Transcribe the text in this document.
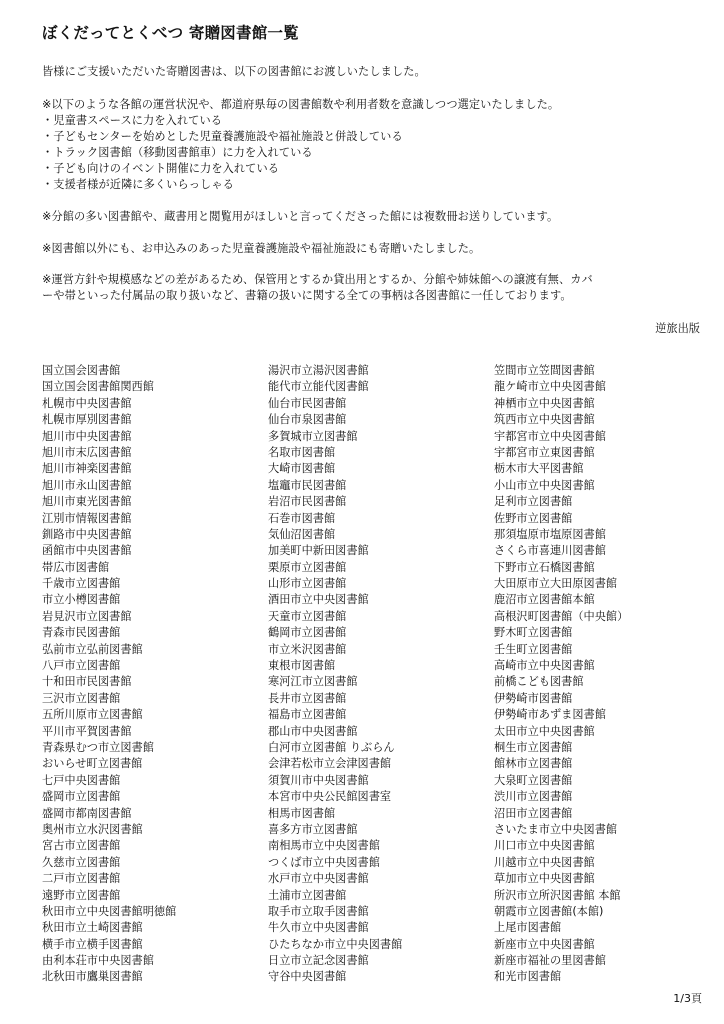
ぼくだってとくべつ 寄贈図書館一覧
皆様にご支援いただいた寄贈図書は、以下の図書館にお渡しいたしました。
※以下のような各館の運営状況や、都道府県毎の図書館数や利用者数を意識しつつ選定いたしました。
・児童書スペースに力を入れている
・子どもセンターを始めとした児童養護施設や福祉施設と併設している
・トラック図書館（移動図書館車）に力を入れている
・子ども向けのイベント開催に力を入れている
・支援者様が近隣に多くいらっしゃる
※分館の多い図書館や、蔵書用と閲覧用がほしいと言ってくださった館には複数冊お送りしています。
※図書館以外にも、お申込みのあった児童養護施設や福祉施設にも寄贈いたしました。
※運営方針や規模感などの差があるため、保管用とするか貸出用とするか、分館や姉妹館への譲渡有無、カバ
ーや帯といった付属品の取り扱いなど、書籍の扱いに関する全ての事柄は各図書館に一任しております。
逆旅出版
国立国会図書館
国立国会図書館関西館
札幌市中央図書館
札幌市厚別図書館
旭川市中央図書館
旭川市末広図書館
旭川市神楽図書館
旭川市永山図書館
旭川市東光図書館
江別市情報図書館
釧路市中央図書館
函館市中央図書館
帯広市図書館
千歳市立図書館
市立小樽図書館
岩見沢市立図書館
青森市民図書館
弘前市立弘前図書館
八戸市立図書館
十和田市民図書館
三沢市立図書館
五所川原市立図書館
平川市平賀図書館
青森県むつ市立図書館
おいらせ町立図書館
七戸中央図書館
盛岡市立図書館
盛岡市都南図書館
奥州市立水沢図書館
宮古市立図書館
久慈市立図書館
二戸市立図書館
遠野市立図書館
秋田市立中央図書館明徳館
秋田市立土崎図書館
横手市立横手図書館
由利本荘市中央図書館
北秋田市鷹巣図書館
湯沢市立湯沢図書館
能代市立能代図書館
仙台市民図書館
仙台市泉図書館
多賀城市立図書館
名取市図書館
大崎市図書館
塩竈市民図書館
岩沼市民図書館
石巻市図書館
気仙沼図書館
加美町中新田図書館
栗原市立図書館
山形市立図書館
酒田市立中央図書館
天童市立図書館
鶴岡市立図書館
市立米沢図書館
東根市図書館
寒河江市立図書館
長井市立図書館
福島市立図書館
郡山市中央図書館
白河市立図書館 りぶらん
会津若松市立会津図書館
須賀川市中央図書館
本宮市中央公民館図書室
相馬市図書館
喜多方市立図書館
南相馬市立中央図書館
つくば市立中央図書館
水戸市立中央図書館
土浦市立図書館
取手市立取手図書館
牛久市立中央図書館
ひたちなか市立中央図書館
日立市立記念図書館
守谷中央図書館
笠間市立笠間図書館
龍ケ崎市立中央図書館
神栖市立中央図書館
筑西市立中央図書館
宇都宮市立中央図書館
宇都宮市立東図書館
栃木市大平図書館
小山市立中央図書館
足利市立図書館
佐野市立図書館
那須塩原市塩原図書館
さくら市喜連川図書館
下野市立石橋図書館
大田原市立大田原図書館
鹿沼市立図書館本館
高根沢町図書館（中央館）
野木町立図書館
壬生町立図書館
高崎市立中央図書館
前橋こども図書館
伊勢崎市図書館
伊勢崎市あずま図書館
太田市立中央図書館
桐生市立図書館
館林市立図書館
大泉町立図書館
渋川市立図書館
沼田市立図書館
さいたま市立中央図書館
川口市立中央図書館
川越市立中央図書館
草加市立中央図書館
所沢市立所沢図書館 本館
朝霞市立図書館(本館)
上尾市図書館
新座市立中央図書館
新座市福祉の里図書館
和光市図書館
1/3頁
